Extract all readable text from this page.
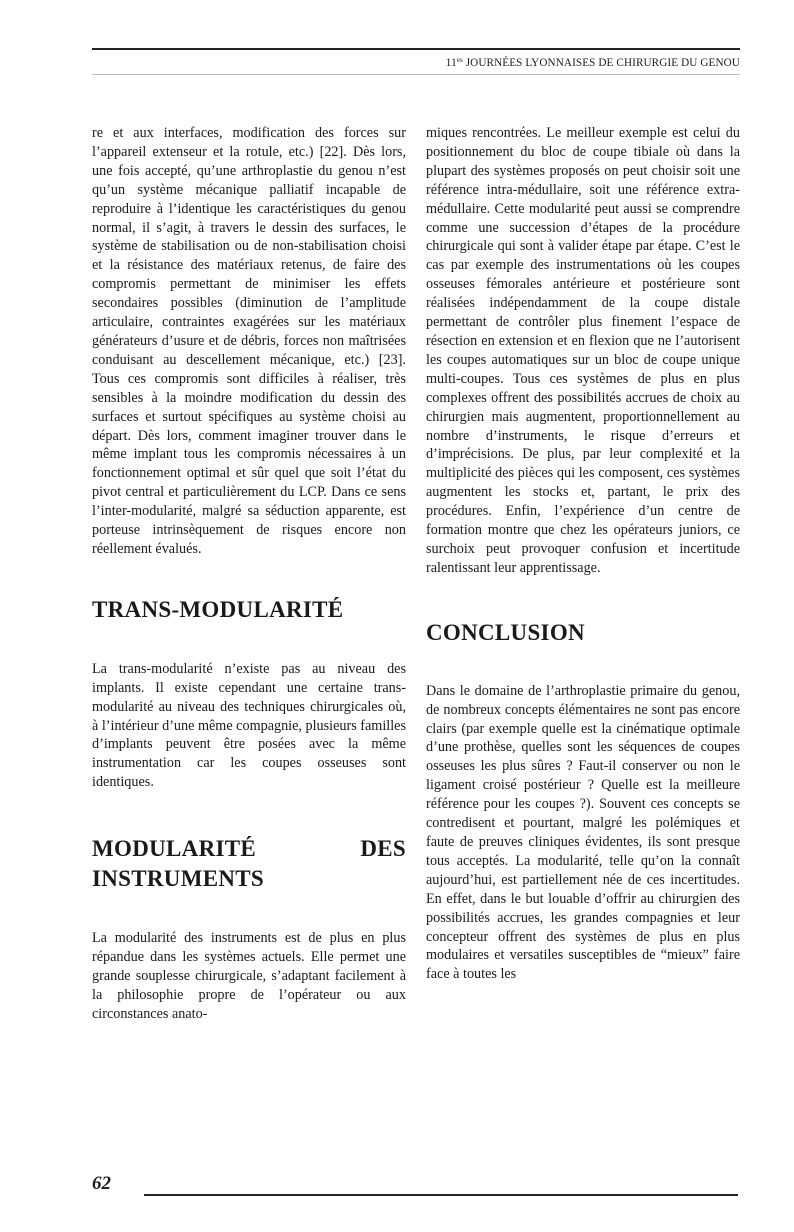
$11^{es}$ JOURNÉES LYONNAISES DE CHIRURGIE DU GENOU

re et aux interfaces, modification des forces sur l’appareil extenseur et la rotule, etc.) [22]. Dès lors, une fois accepté, qu’une arthroplastie du genou n’est qu’un système mécanique palliatif incapable de reproduire à l’identique les caractéristiques du genou normal, il s’agit, à travers le dessin des surfaces, le système de stabilisation ou de non-stabilisation choisi et la résistance des matériaux retenus, de faire des compromis permettant de minimiser les effets secondaires possibles (diminution de l’amplitude articulaire, contraintes exagérées sur les matériaux générateurs d’usure et de débris, forces non maîtrisées conduisant au descellement mécanique, etc.) [23]. Tous ces compromis sont difficiles à réaliser, très sensibles à la moindre modification du dessin des surfaces et surtout spécifiques au système choisi au départ. Dès lors, comment imaginer trouver dans le même implant tous les compromis nécessaires à un fonctionnement optimal et sûr quel que soit l’état du pivot central et particulièrement du LCP. Dans ce sens l’inter-modularité, malgré sa séduction apparente, est porteuse intrinsèquement de risques encore non réellement évalués.

TRANS-MODULARITÉ

La trans-modularité n’existe pas au niveau des implants. Il existe cependant une certaine trans-modularité au niveau des techniques chirurgicales où, à l’intérieur d’une même compagnie, plusieurs familles d’implants peuvent être posées avec la même instrumentation car les coupes osseuses sont identiques.

MODULARITÉ DES INSTRUMENTS

La modularité des instruments est de plus en plus répandue dans les systèmes actuels. Elle permet une grande souplesse chirurgicale, s’adaptant facilement à la philosophie propre de l’opérateur ou aux circonstances anato-

miques rencontrées. Le meilleur exemple est celui du positionnement du bloc de coupe tibiale où dans la plupart des systèmes proposés on peut choisir soit une référence intra-médullaire, soit une référence extra-médullaire. Cette modularité peut aussi se comprendre comme une succession d’étapes de la procédure chirurgicale qui sont à valider étape par étape. C’est le cas par exemple des instrumentations où les coupes osseuses fémorales antérieure et postérieure sont réalisées indépendamment de la coupe distale permettant de contrôler plus finement l’espace de résection en extension et en flexion que ne l’autorisent les coupes automatiques sur un bloc de coupe unique multi-coupes. Tous ces systèmes de plus en plus complexes offrent des possibilités accrues de choix au chirurgien mais augmentent, proportionnellement au nombre d’instruments, le risque d’erreurs et d’imprécisions. De plus, par leur complexité et la multiplicité des pièces qui les composent, ces systèmes augmentent les stocks et, partant, le prix des procédures. Enfin, l’expérience d’un centre de formation montre que chez les opérateurs juniors, ce surchoix peut provoquer confusion et incertitude ralentissant leur apprentissage.

CONCLUSION

Dans le domaine de l’arthroplastie primaire du genou, de nombreux concepts élémentaires ne sont pas encore clairs (par exemple quelle est la cinématique optimale d’une prothèse, quelles sont les séquences de coupes osseuses les plus sûres ? Faut-il conserver ou non le ligament croisé postérieur ? Quelle est la meilleure référence pour les coupes ?). Souvent ces concepts se contredisent et pourtant, malgré les polémiques et faute de preuves cliniques évidentes, ils sont presque tous acceptés. La modularité, telle qu’on la connaît aujourd’hui, est partiellement née de ces incertitudes. En effet, dans le but louable d’offrir au chirurgien des possibilités accrues, les grandes compagnies et leur concepteur offrent des systèmes de plus en plus modulaires et versatiles susceptibles de “mieux” faire face à toutes les

62
